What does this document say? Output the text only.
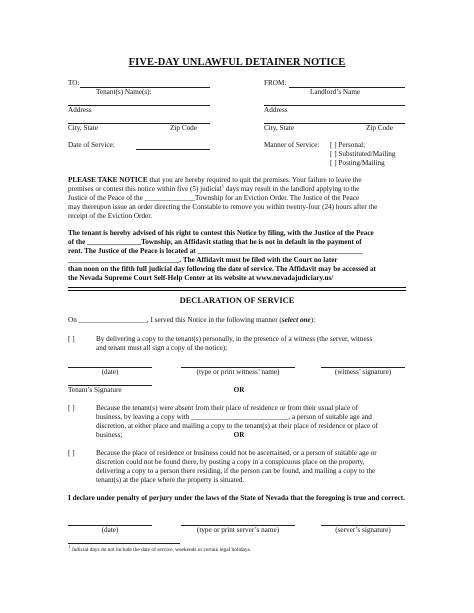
FIVE-DAY UNLAWFUL DETAINER NOTICE
TO:	FROM:
Tenant(s) Name(s):	Landlord’s Name
Address	Address
City, State	Zip Code	City, State	Zip Code
Date of Service:	Manner of Service: [ ] Personal;
[ ] Substituted/Mailing
[ ] Posting/Mailing
PLEASE TAKE NOTICE that you are hereby required to quit the premises. Your failure to leave the
premises or contest this notice within five (5) judicial$^1$ days may result in the landlord applying to the
Justice of the Peace of the ______________Township for an Eviction Order. The Justice of the Peace
may thereupon issue an order directing the Constable to remove you within twenty-four (24) hours after the
receipt of the Eviction Order.
The tenant is hereby advised of his right to contest this Notice by filing, with the Justice of the Peace
of the _______________Township, an Affidavit stating that he is not in default in the payment of
rent. The Justice of the Peace is located at ______________________________________________
_______________________________. The Affidavit must be filed with the Court no later
than noon on the fifth full judicial day following the date of service. The Affidavit may be accessed at
the Nevada Supreme Court Self-Help Center at its website at www.nevadajudiciary.us/
DECLARATION OF SERVICE
On ___________________, I served this Notice in the following manner (select one):
[ ]	By delivering a copy to the tenant(s) personally, in the presence of a witness (the server, witness
and tenant must all sign a copy of the notice);
(date)	(type or print witness’ name)	(witness’ signature)
Tenant’s Signature	OR
[ ]	Because the tenant(s) were absent from their place of residence or from their usual place of
business, by leaving a copy with ___________________________, a person of suitable age and
discretion, at either place and mailing a copy to the tenant(s) at their place of residence or place of
business;	OR
[ ]	Because the place of residence or business could not be ascertained, or a person of suitable age or
discretion could not be found there, by posting a copy in a conspicuous place on the property,
delivering a copy to a person there residing, if the person can be found, and mailing a copy to the
tenant(s) at the place where the property is situated.
I declare under penalty of perjury under the laws of the State of Nevada that the foregoing is true and correct.
(date)	(type or print server’s name)	(server’s signature)
$^1$ Judicial days do not include the date of service, weekends or certain legal holidays.
